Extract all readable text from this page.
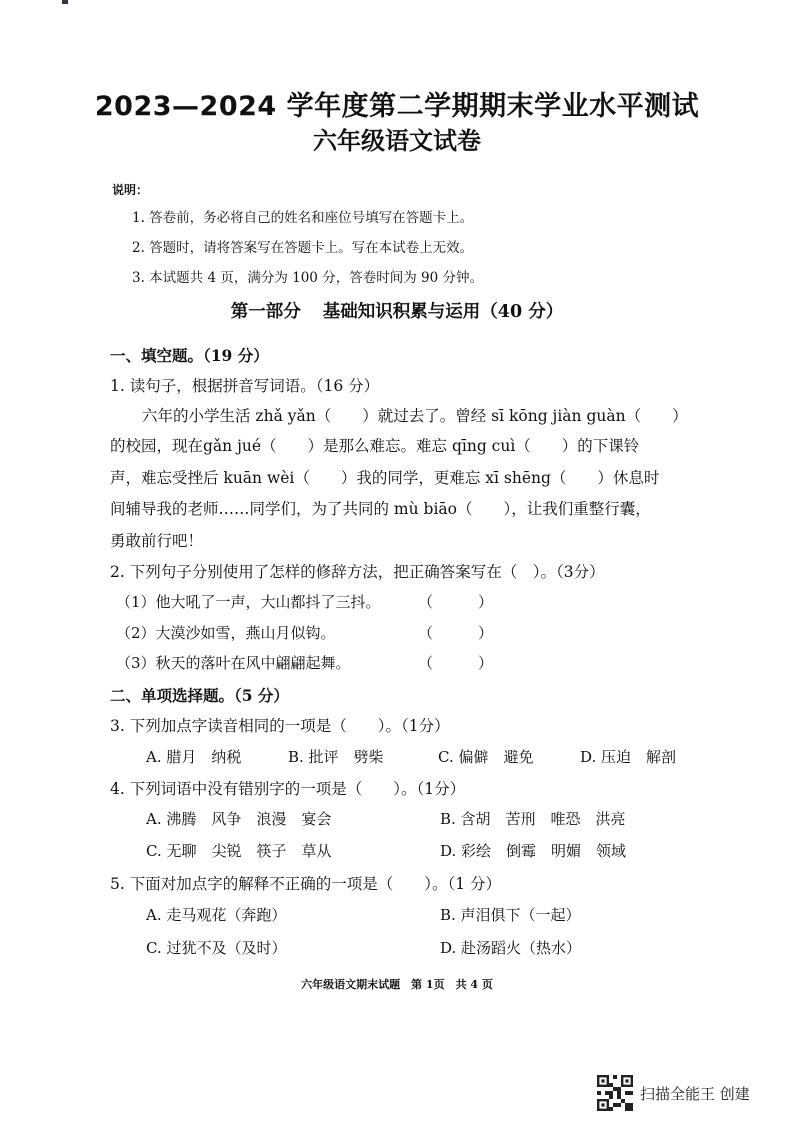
2023—2024 学年度第二学期期末学业水平测试
六年级语文试卷
说明：
1. 答卷前，务必将自己的姓名和座位号填写在答题卡上。
2. 答题时，请将答案写在答题卡上。写在本试卷上无效。
3. 本试题共 4 页，满分为 100 分，答卷时间为 90 分钟。
第一部分 基础知识积累与运用（40 分）
一、填空题。（19 分）
1. 读句子，根据拼音写词语。（16 分）
六年的小学生活 zhǎ yǎn（　　）就过去了。曾经 sī kōng jiàn guàn（　　）
的校园，现在gǎn jué（　　）是那么难忘。难忘 qīng cuì（　　）的下课铃
声，难忘受挫后 kuān wèi（　　）我的同学，更难忘 xī shēng（　　）休息时
间辅导我的老师……同学们，为了共同的 mù biāo（　　），让我们重整行囊，
勇敢前行吧！
2. 下列句子分别使用了怎样的修辞方法，把正确答案写在（　）。（3分）
（1）他大吼了一声，大山都抖了三抖。 （　　　）
（2）大漠沙如雪，燕山月似钩。	（　　　）
（3）秋天的落叶在风中翩翩起舞。	（　　　）
二、单项选择题。（5 分）
3. 下列加点字读音相同的一项是（　　）。（1分）
A. 腊月　纳税	B. 批评　劈柴	C. 偏僻　避免	D. 压迫　解剖
4. 下列词语中没有错别字的一项是（　　）。（1分）
A. 沸腾　风争　浪漫　宴会	B. 含胡　苦刑　唯恐　洪亮
C. 无聊　尖锐　筷子　草从	D. 彩绘　倒霉　明媚　领域
5. 下面对加点字的解释不正确的一项是（　　）。（1 分）
A. 走马观花（奔跑）	B. 声泪俱下（一起）
C. 过犹不及（及时）	D. 赴汤蹈火（热水）
六年级语文期末试题　第 1页　共 4 页
扫描全能王 创建
